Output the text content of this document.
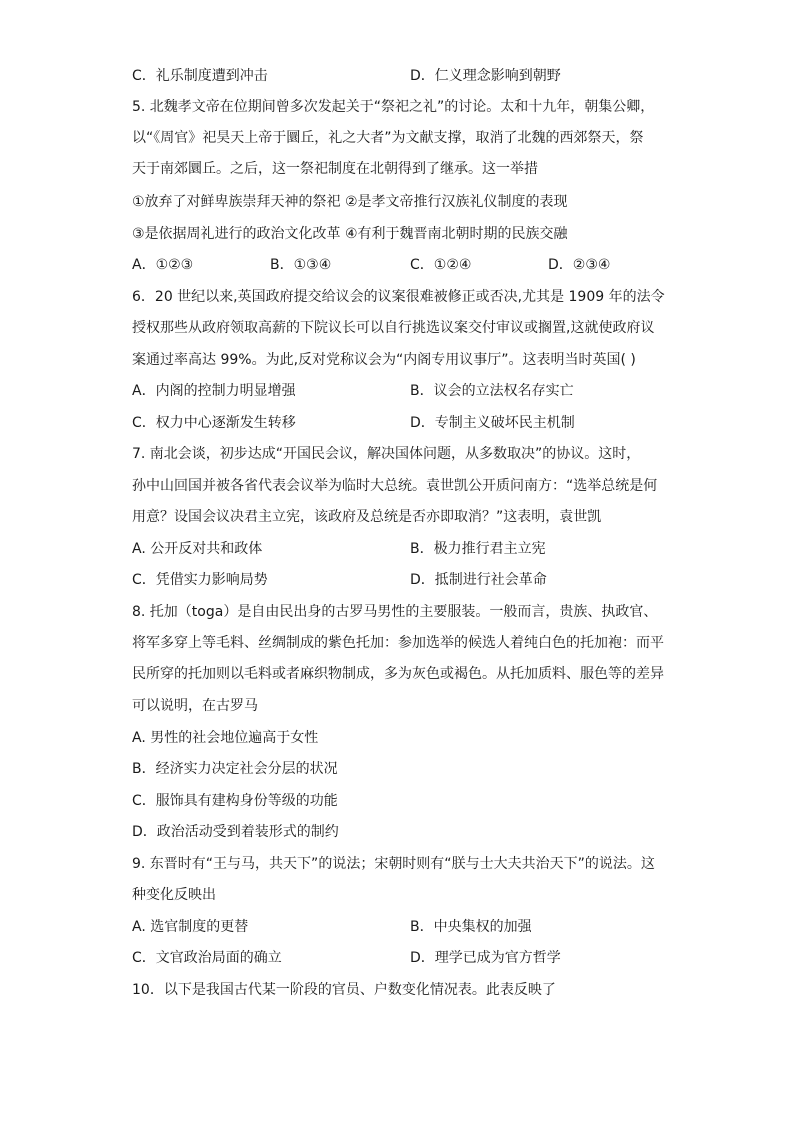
C．礼乐制度遭到冲击	D．仁义理念影响到朝野
5. 北魏孝文帝在位期间曾多次发起关于“祭祀之礼”的讨论。太和十九年，朝集公卿，
以“《周官》祀昊天上帝于圜丘，礼之大者”为文献支撑，取消了北魏的西郊祭天，祭
天于南郊圜丘。之后，这一祭祀制度在北朝得到了继承。这一举措
①放弃了对鲜卑族崇拜天神的祭祀 ②是孝文帝推行汉族礼仪制度的表现
③是依据周礼进行的政治文化改革 ④有利于魏晋南北朝时期的民族交融
A．①②③	B．①③④	C．①②④	D．②③④
6．20 世纪以来,英国政府提交给议会的议案很难被修正或否决,尤其是 1909 年的法令
授权那些从政府领取高薪的下院议长可以自行挑选议案交付审议或搁置,这就使政府议
案通过率高达 99%。为此,反对党称议会为“内阁专用议事厅”。这表明当时英国( )
A．内阁的控制力明显增强	B．议会的立法权名存实亡
C．权力中心逐渐发生转移	D．专制主义破坏民主机制
7. 南北会谈，初步达成“开国民会议，解决国体问题，从多数取决”的协议。这时，
孙中山回国并被各省代表会议举为临时大总统。袁世凯公开质问南方：“选举总统是何
用意？设国会议决君主立宪，该政府及总统是否亦即取消？”这表明，袁世凯
A. 公开反对共和政体	B．极力推行君主立宪
C．凭借实力影响局势	D．抵制进行社会革命
8. 托加（toga）是自由民出身的古罗马男性的主要服装。一般而言，贵族、执政官、
将军多穿上等毛料、丝绸制成的紫色托加：参加选举的候选人着纯白色的托加袍：而平
民所穿的托加则以毛料或者麻织物制成，多为灰色或褐色。从托加质料、服色等的差异
可以说明，在古罗马
A. 男性的社会地位遍高于女性
B．经济实力决定社会分层的状况
C．服饰具有建构身份等级的功能
D．政治活动受到着装形式的制约
9. 东晋时有“王与马，共天下”的说法；宋朝时则有“朕与士大夫共治天下”的说法。这
种变化反映出
A. 选官制度的更替	B．中央集权的加强
C．文官政治局面的确立	D．理学已成为官方哲学
10．以下是我国古代某一阶段的官员、户数变化情况表。此表反映了
